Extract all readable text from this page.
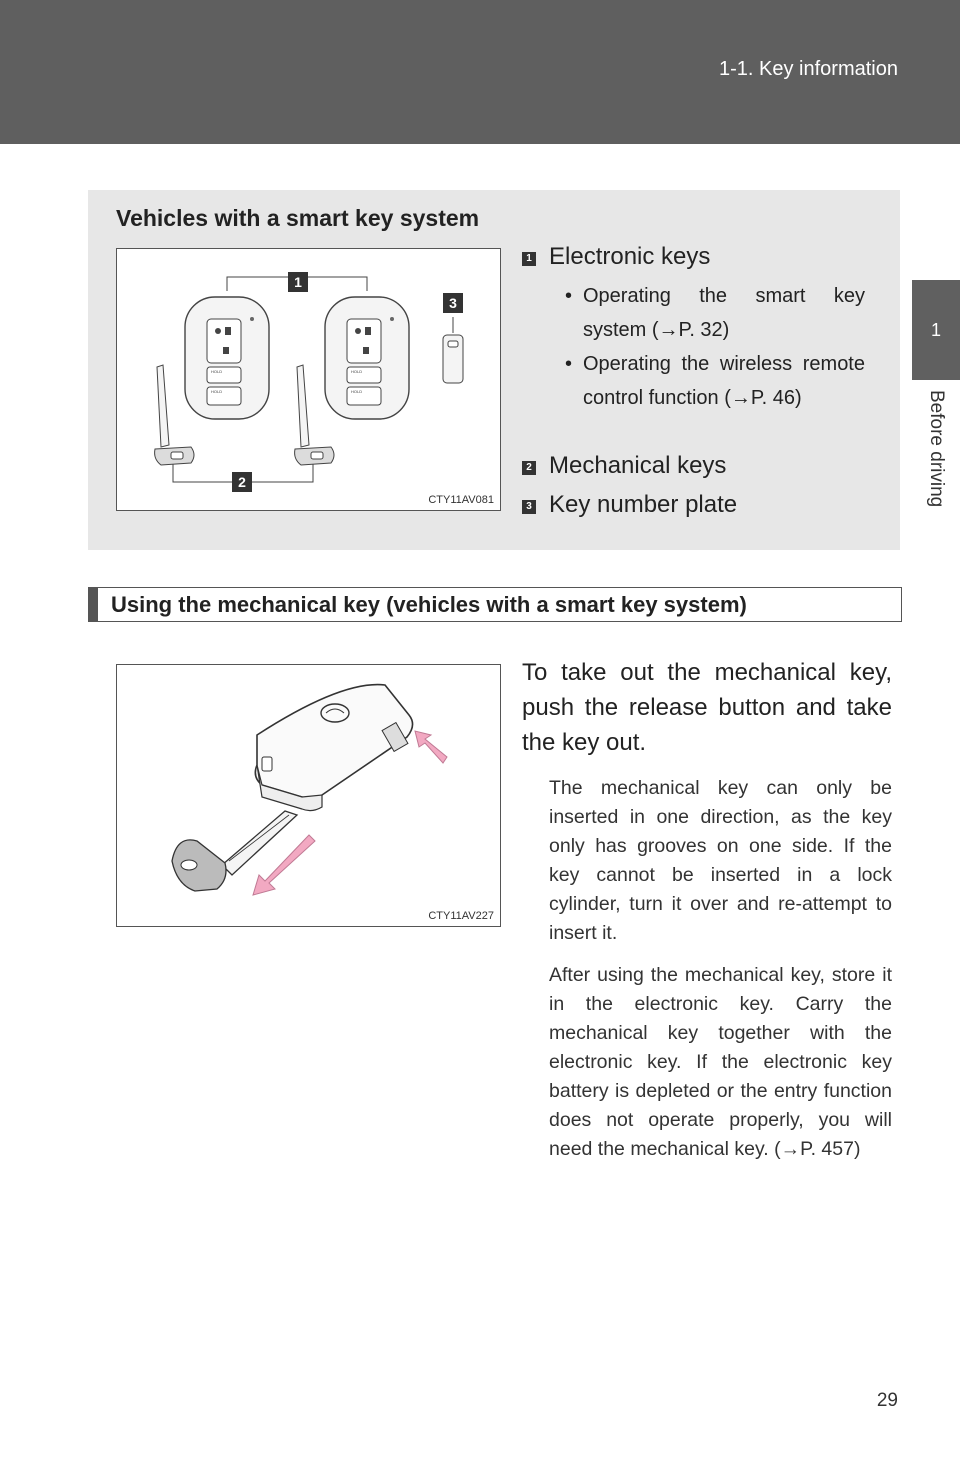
1-1. Key information
1
Before driving
Vehicles with a smart key system
HOLD
HOLD
HOLD
HOLD
1
2
3
CTY11AV081
1 Electronic keys
• Operating the smart key system (→P. 32)
• Operating the wireless remote control function (→P. 46)
2 Mechanical keys
3 Key number plate
Using the mechanical key (vehicles with a smart key system)
CTY11AV227
To take out the mechanical key, push the release button and take the key out.
The mechanical key can only be inserted in one direction, as the key only has grooves on one side. If the key cannot be inserted in a lock cylinder, turn it over and re-attempt to insert it.
After using the mechanical key, store it in the electronic key. Carry the mechanical key together with the electronic key. If the electronic key battery is depleted or the entry function does not operate properly, you will need the mechanical key. (→P. 457)
29
